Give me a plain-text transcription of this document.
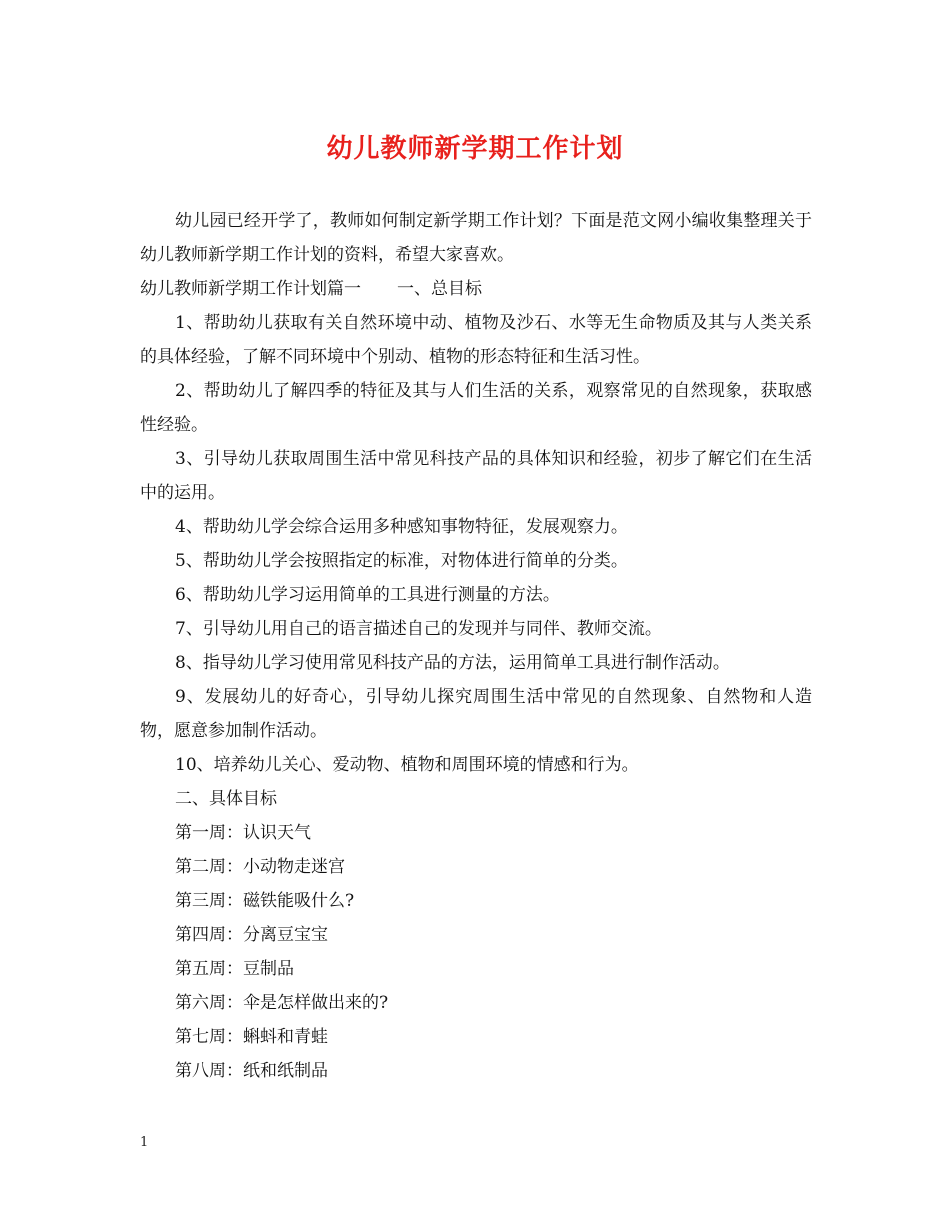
幼儿教师新学期工作计划

幼儿园已经开学了，教师如何制定新学期工作计划？下面是范文网小编收集整理关于幼儿教师新学期工作计划的资料，希望大家喜欢。

幼儿教师新学期工作计划篇一 一、总目标

1、帮助幼儿获取有关自然环境中动、植物及沙石、水等无生命物质及其与人类关系的具体经验，了解不同环境中个别动、植物的形态特征和生活习性。

2、帮助幼儿了解四季的特征及其与人们生活的关系，观察常见的自然现象，获取感性经验。

3、引导幼儿获取周围生活中常见科技产品的具体知识和经验，初步了解它们在生活中的运用。

4、帮助幼儿学会综合运用多种感知事物特征，发展观察力。

5、帮助幼儿学会按照指定的标准，对物体进行简单的分类。

6、帮助幼儿学习运用简单的工具进行测量的方法。

7、引导幼儿用自己的语言描述自己的发现并与同伴、教师交流。

8、指导幼儿学习使用常见科技产品的方法，运用简单工具进行制作活动。

9、发展幼儿的好奇心，引导幼儿探究周围生活中常见的自然现象、自然物和人造物，愿意参加制作活动。

10、培养幼儿关心、爱动物、植物和周围环境的情感和行为。

二、具体目标

第一周：认识天气

第二周：小动物走迷宫

第三周：磁铁能吸什么?

第四周：分离豆宝宝

第五周：豆制品

第六周：伞是怎样做出来的?

第七周：蝌蚪和青蛙

第八周：纸和纸制品

1
